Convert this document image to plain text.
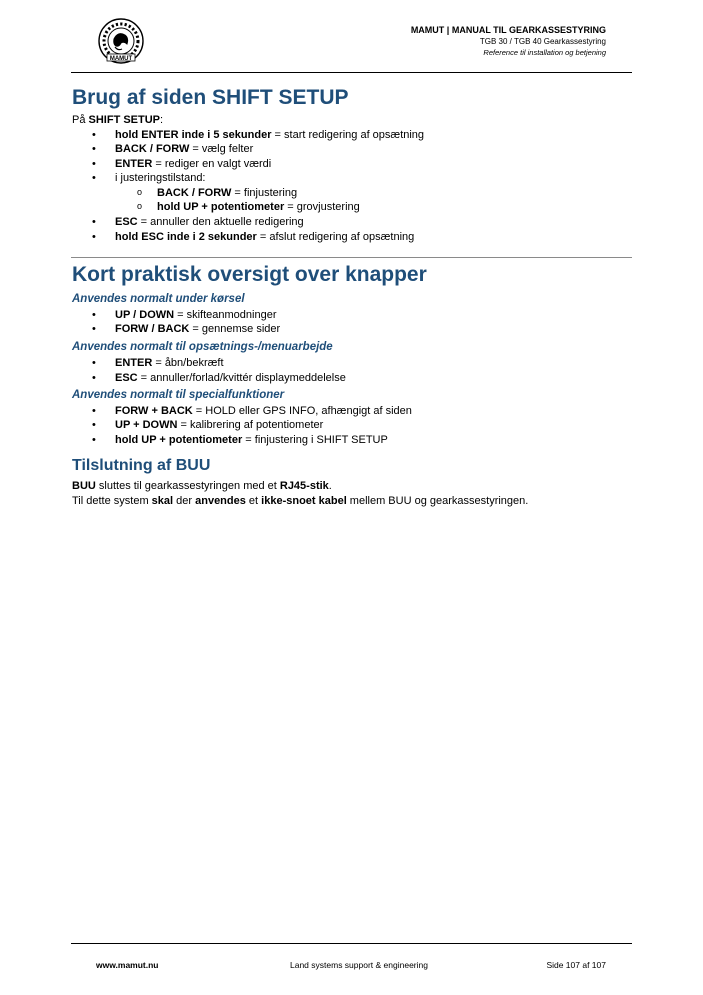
MAMUT
MAMUT | MANUAL TIL GEARKASSESTYRING
TGB 30 / TGB 40 Gearkassestyring
Reference til installation og betjening
Brug af siden SHIFT SETUP
På SHIFT SETUP:
• hold ENTER inde i 5 sekunder = start redigering af opsætning
• BACK / FORW = vælg felter
• ENTER = rediger en valgt værdi
• i justeringstilstand:
o BACK / FORW = finjustering
o hold UP + potentiometer = grovjustering
• ESC = annuller den aktuelle redigering
• hold ESC inde i 2 sekunder = afslut redigering af opsætning
Kort praktisk oversigt over knapper
Anvendes normalt under kørsel
• UP / DOWN = skifteanmodninger
• FORW / BACK = gennemse sider
Anvendes normalt til opsætnings-/menuarbejde
• ENTER = åbn/bekræft
• ESC = annuller/forlad/kvittér displaymeddelelse
Anvendes normalt til specialfunktioner
• FORW + BACK = HOLD eller GPS INFO, afhængigt af siden
• UP + DOWN = kalibrering af potentiometer
• hold UP + potentiometer = finjustering i SHIFT SETUP
Tilslutning af BUU
BUU sluttes til gearkassestyringen med et RJ45-stik.
Til dette system skal der anvendes et ikke-snoet kabel mellem BUU og gearkassestyringen.
www.mamut.nu	Land systems support & engineering	Side 107 af 107
